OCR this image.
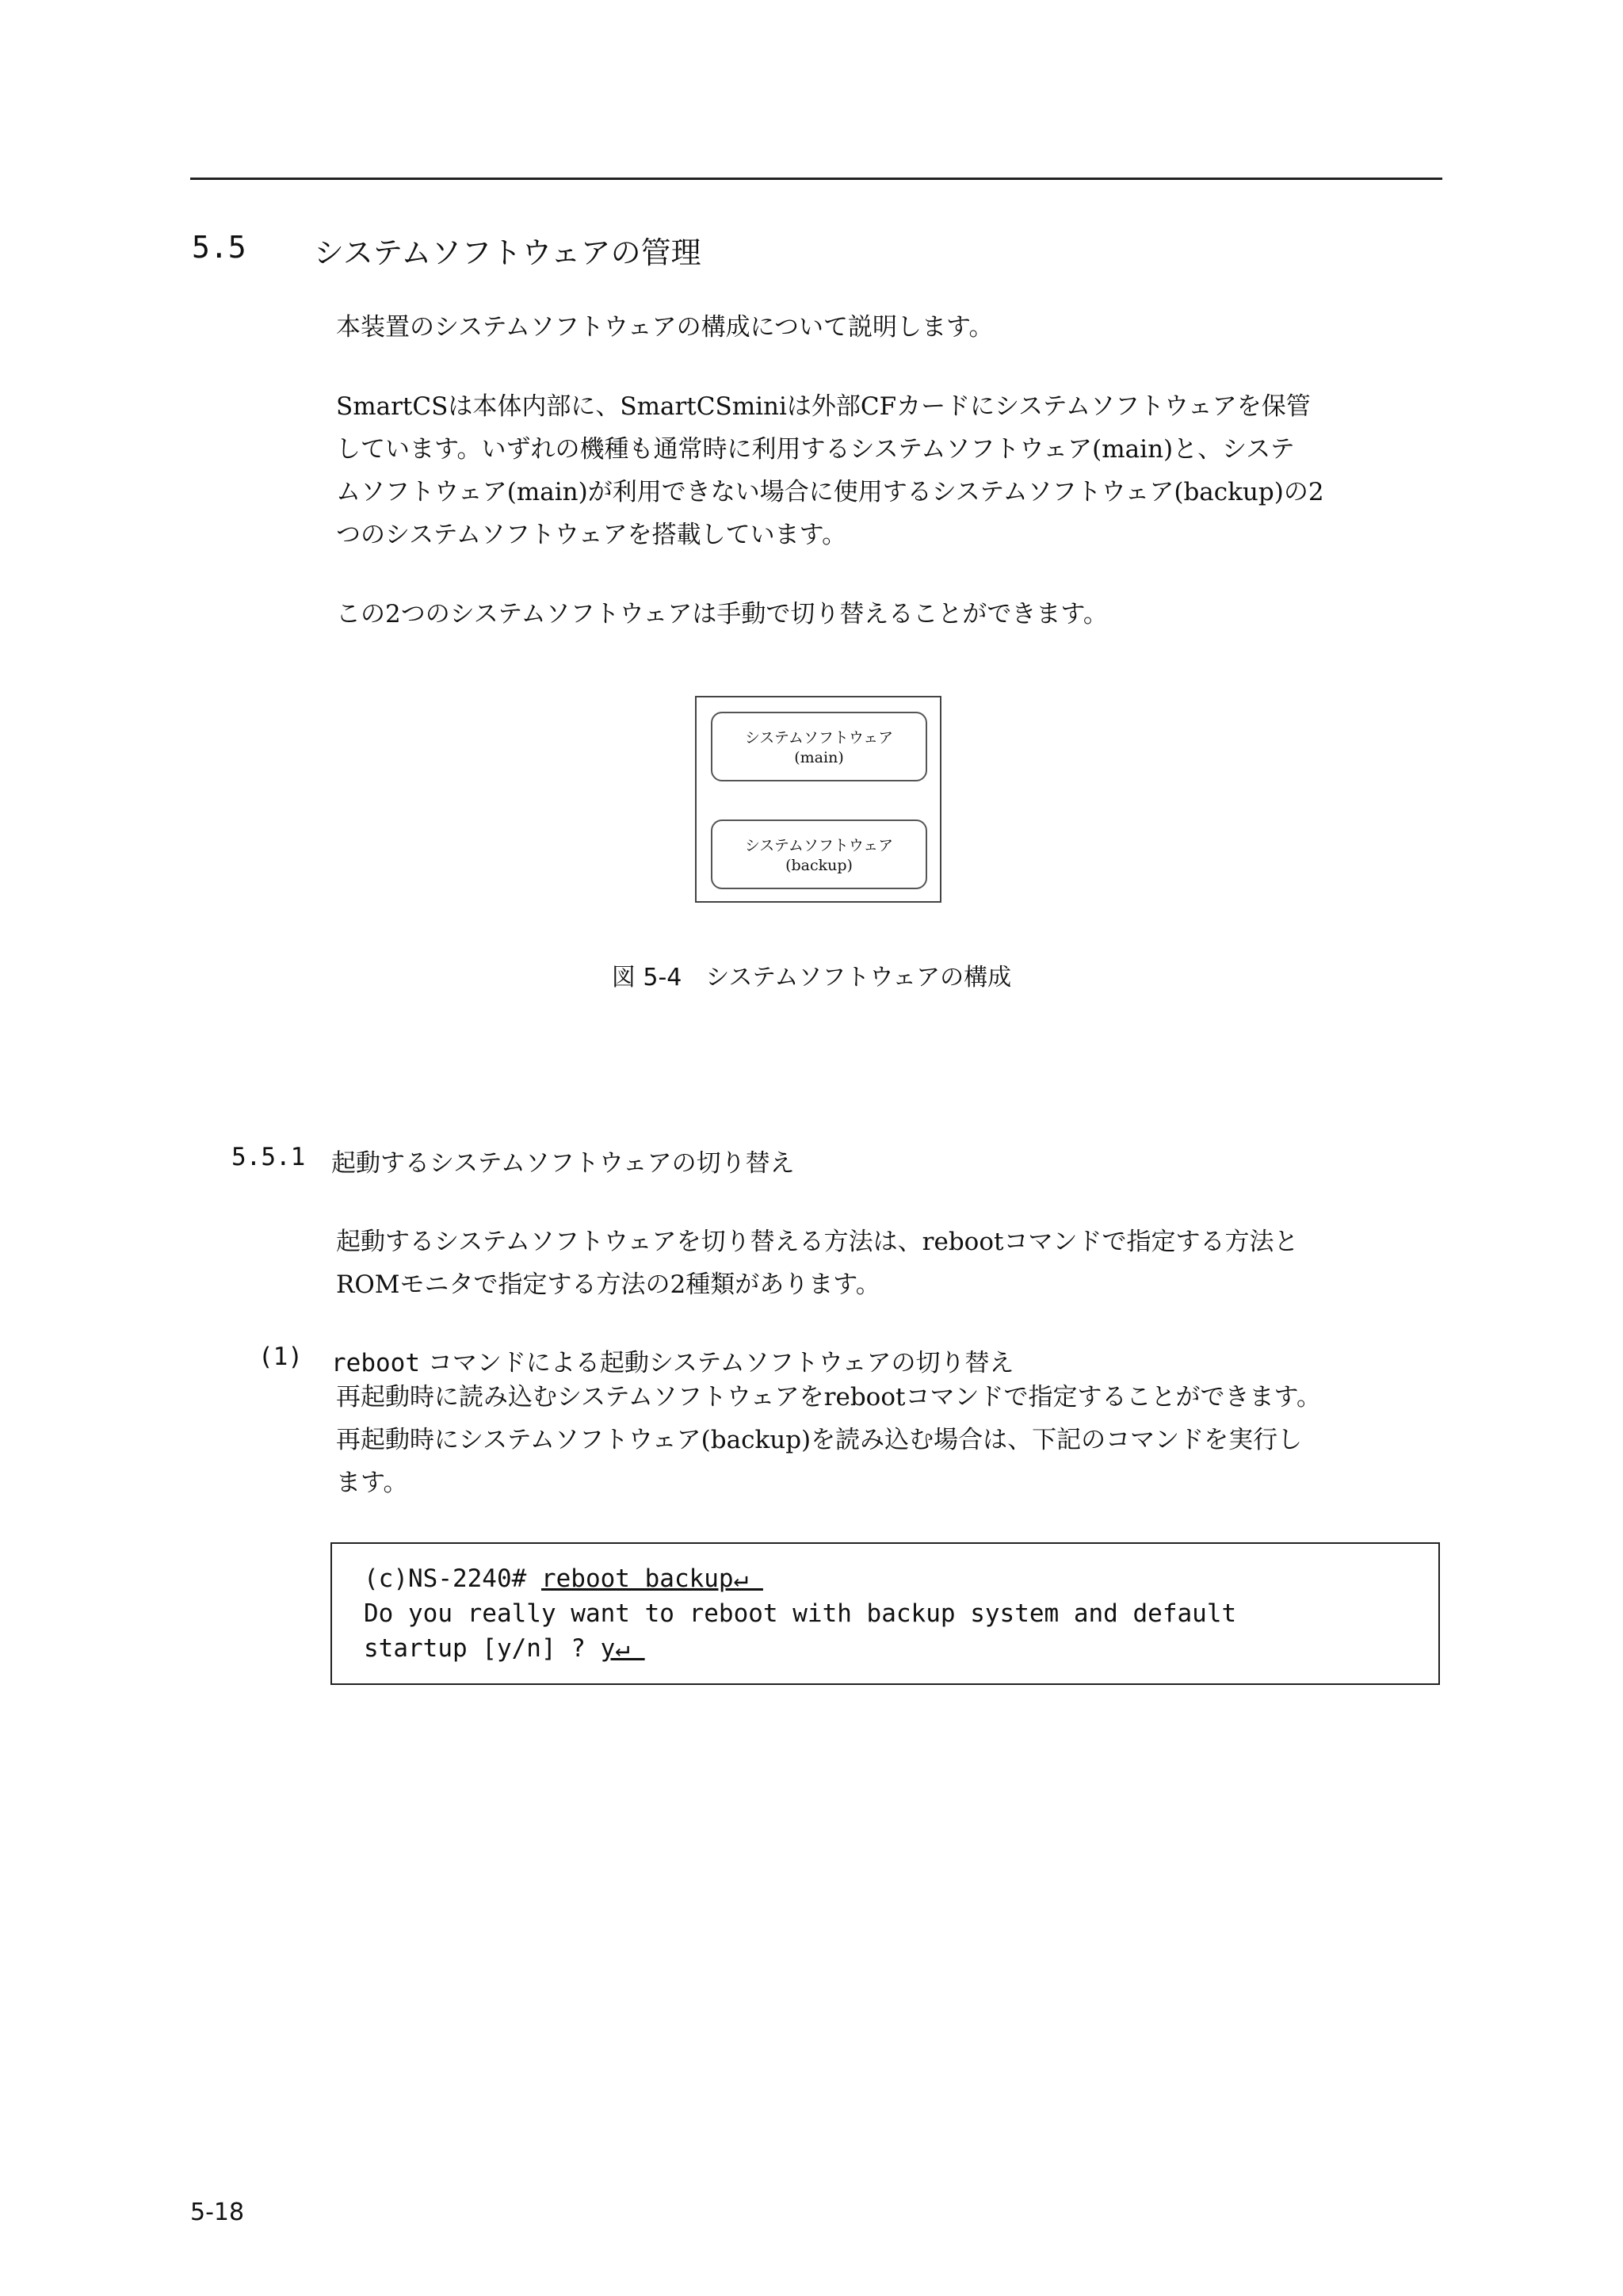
5.5 システムソフトウェアの管理
本装置のシステムソフトウェアの構成について説明します。
SmartCSは本体内部に、SmartCSminiは外部CFカードにシステムソフトウェアを保管
しています。いずれの機種も通常時に利用するシステムソフトウェア(main)と、システ
ムソフトウェア(main)が利用できない場合に使用するシステムソフトウェア(backup)の2
つのシステムソフトウェアを搭載しています。
この2つのシステムソフトウェアは手動で切り替えることができます。
システムソフトウェア
(main)
システムソフトウェア
(backup)
図 5-4　システムソフトウェアの構成
5.5.1 起動するシステムソフトウェアの切り替え
起動するシステムソフトウェアを切り替える方法は、rebootコマンドで指定する方法と
ROMモニタで指定する方法の2種類があります。
(1) reboot コマンドによる起動システムソフトウェアの切り替え
再起動時に読み込むシステムソフトウェアをrebootコマンドで指定することができます。
再起動時にシステムソフトウェア(backup)を読み込む場合は、下記のコマンドを実行し
ます。
(c)NS-2240# reboot backup↵
Do you really want to reboot with backup system and default
startup [y/n] ? y↵
5-18
